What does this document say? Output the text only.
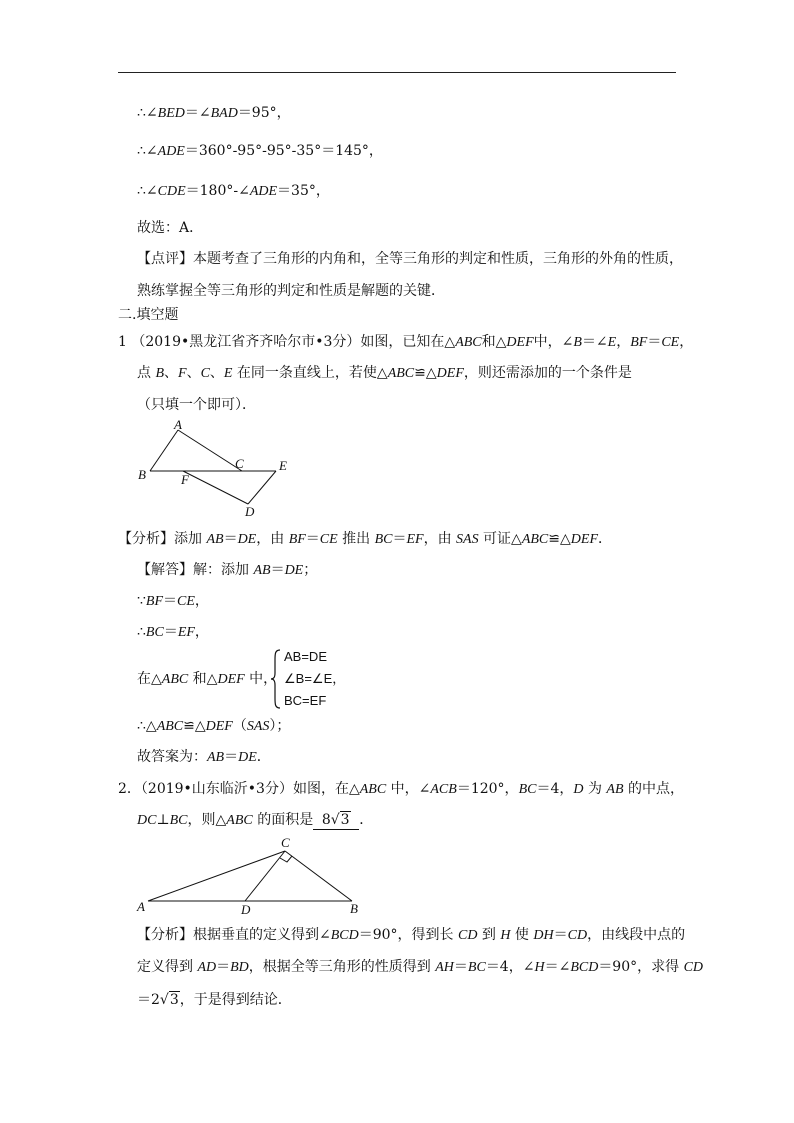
∴∠BED＝∠BAD＝95°，
∴∠ADE＝360°-95°-95°-35°＝145°，
∴∠CDE＝180°-∠ADE＝35°，
故选：A．
【点评】本题考查了三角形的内角和，全等三角形的判定和性质，三角形的外角的性质，
熟练掌握全等三角形的判定和性质是解题的关键．
二.填空题
1 （2019•黑龙江省齐齐哈尔市•3分）如图，已知在△ABC和△DEF中，∠B＝∠E，BF＝CE，
点 B、F、C、E 在同一条直线上，若使△ABC≌△DEF，则还需添加的一个条件是
（只填一个即可）．
A
B
C
D
E
F
【分析】添加 AB＝DE，由 BF＝CE 推出 BC＝EF，由 SAS 可证△ABC≌△DEF．
【解答】解：添加 AB＝DE；
∵BF＝CE，
∴BC＝EF，
在△ABC 和△DEF 中，
AB=DE
∠B=∠E，
BC=EF
∴△ABC≌△DEF（SAS）；
故答案为：AB＝DE．
2．（2019•山东临沂•3分）如图，在△ABC 中，∠ACB＝120°，BC＝4，D 为 AB 的中点，
DC⊥BC，则△ABC 的面积是 8√3 ．
A	B
C
D
【分析】根据垂直的定义得到∠BCD＝90°，得到长 CD 到 H 使 DH＝CD，由线段中点的
定义得到 AD＝BD，根据全等三角形的性质得到 AH＝BC＝4，∠H＝∠BCD＝90°，求得 CD
＝2√3，于是得到结论．
